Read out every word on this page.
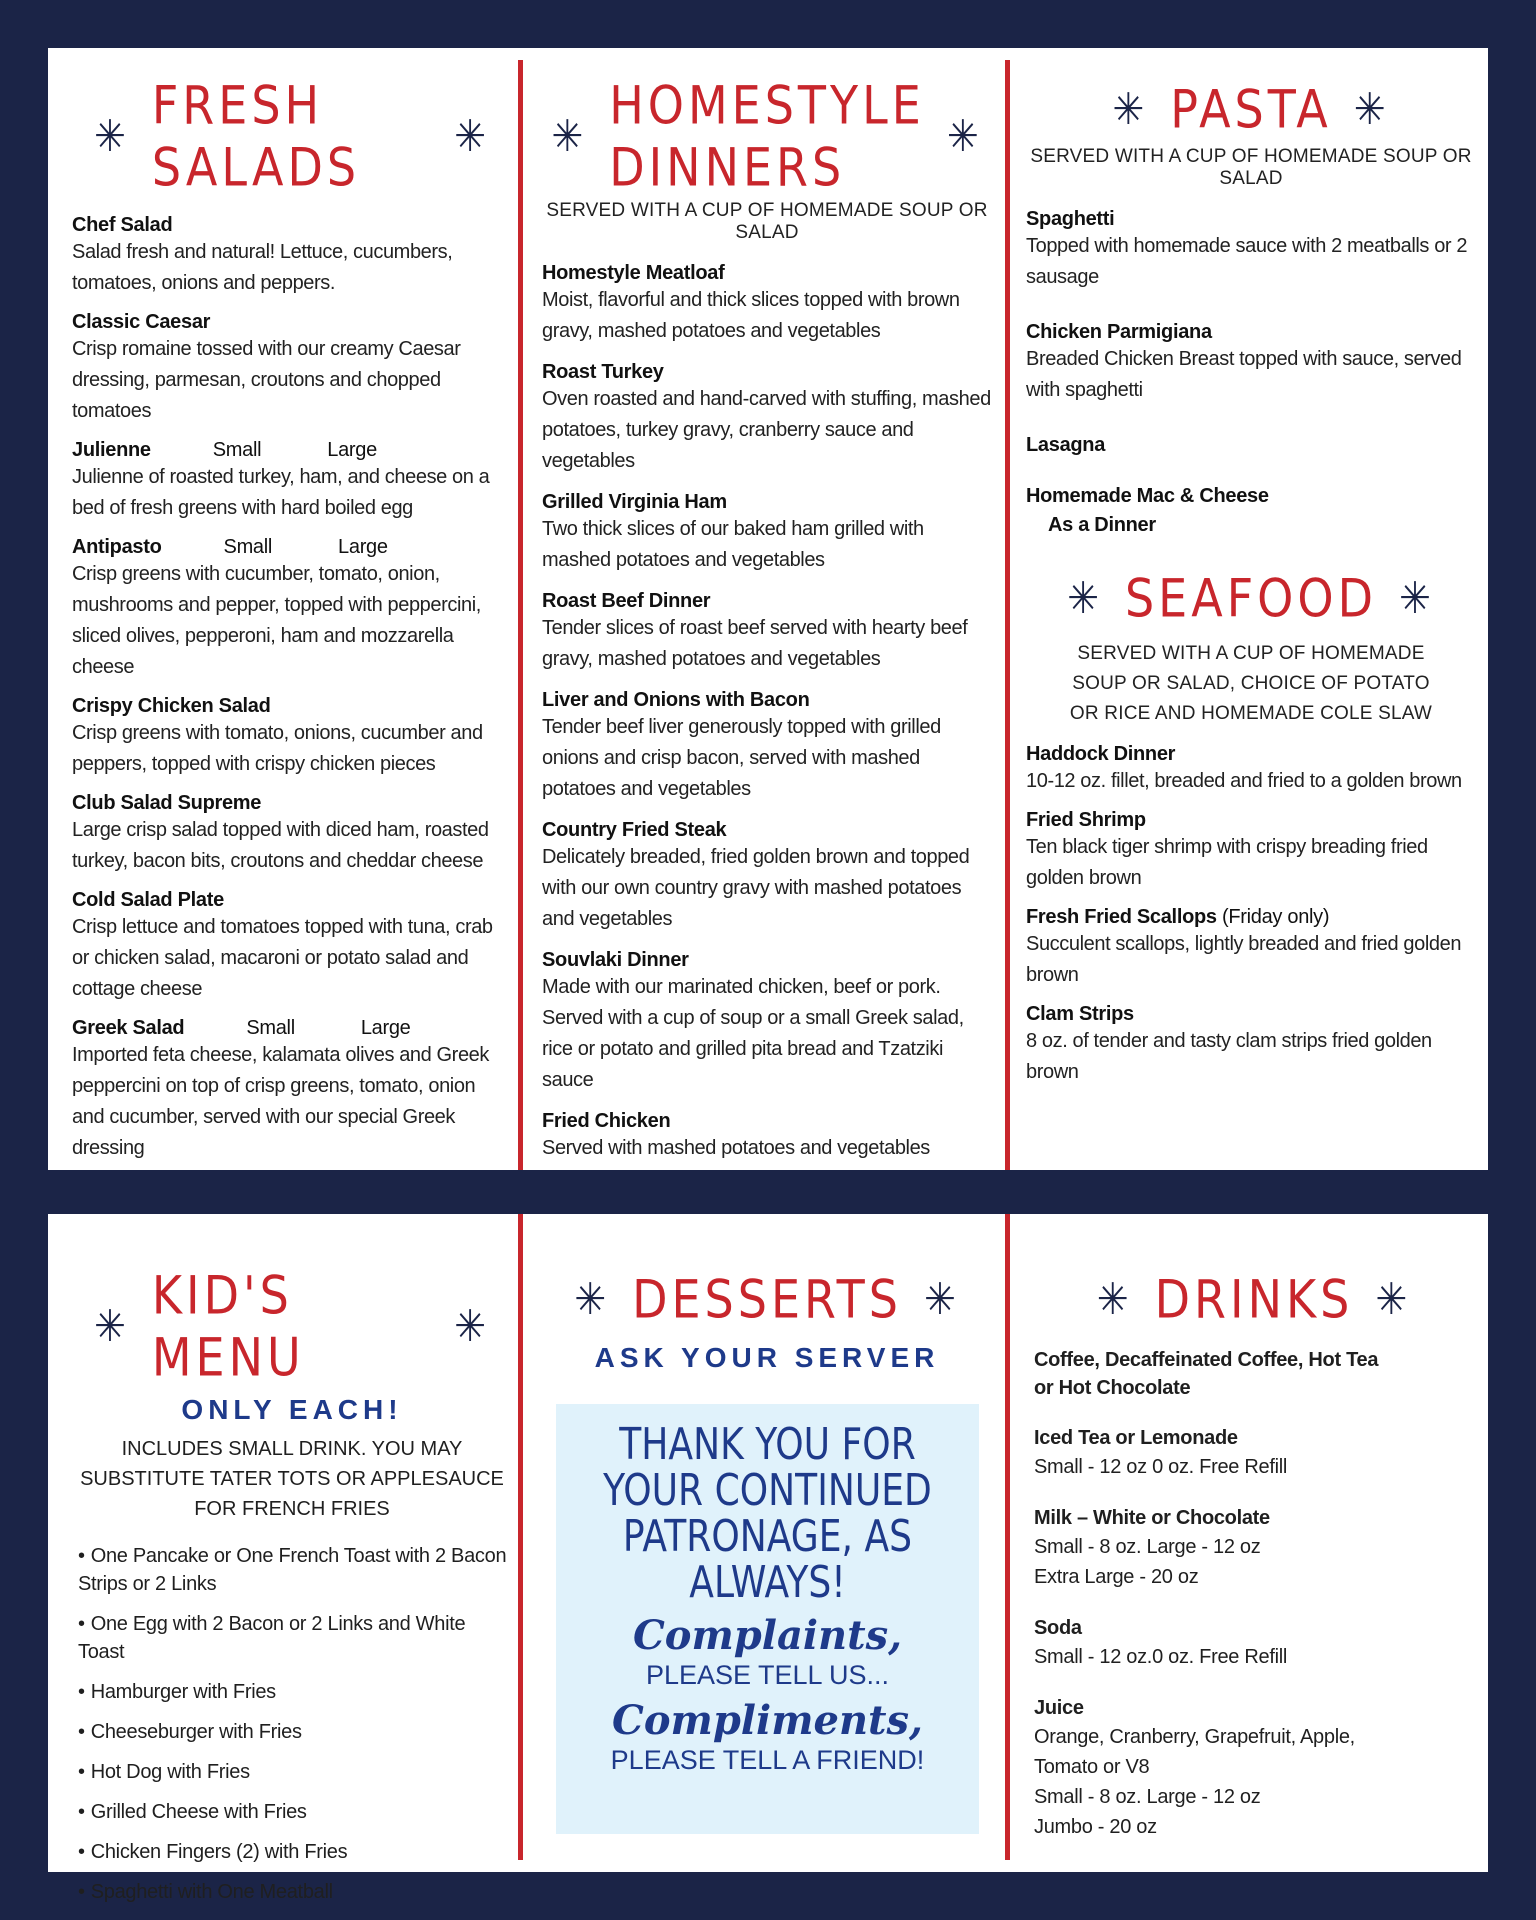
✳ FRESH SALADS	✳
Chef Salad
Salad fresh and natural! Lettuce, cucumbers, tomatoes, onions and peppers.
Classic Caesar
Crisp romaine tossed with our creamy Caesar dressing, parmesan, croutons and chopped tomatoes
Julienne	Small	Large
Julienne of roasted turkey, ham, and cheese on a bed of fresh greens with hard boiled egg
Antipasto	Small	Large
Crisp greens with cucumber, tomato, onion, mushrooms and pepper, topped with peppercini, sliced olives, pepperoni, ham and mozzarella cheese
Crispy Chicken Salad
Crisp greens with tomato, onions, cucumber and peppers, topped with crispy chicken pieces
Club Salad Supreme
Large crisp salad topped with diced ham, roasted turkey, bacon bits, croutons and cheddar cheese
Cold Salad Plate
Crisp lettuce and tomatoes topped with tuna, crab or chicken salad, macaroni or potato salad and cottage cheese
Greek Salad	Small	Large
Imported feta cheese, kalamata olives and Greek peppercini on top of crisp greens, tomato, onion and cucumber, served with our special Greek dressing
✳ HOMESTYLE DINNERS	✳
SERVED WITH A CUP OF HOMEMADE SOUP OR SALAD
Homestyle Meatloaf
Moist, flavorful and thick slices topped with brown gravy, mashed potatoes and vegetables
Roast Turkey
Oven roasted and hand-carved with stuffing, mashed potatoes, turkey gravy, cranberry sauce and vegetables
Grilled Virginia Ham
Two thick slices of our baked ham grilled with mashed potatoes and vegetables
Roast Beef Dinner
Tender slices of roast beef served with hearty beef gravy, mashed potatoes and vegetables
Liver and Onions with Bacon
Tender beef liver generously topped with grilled onions and crisp bacon, served with mashed potatoes and vegetables
Country Fried Steak
Delicately breaded, fried golden brown and topped with our own country gravy with mashed potatoes and vegetables
Souvlaki Dinner
Made with our marinated chicken, beef or pork. Served with a cup of soup or a small Greek salad, rice or potato and grilled pita bread and Tzatziki sauce
Fried Chicken
Served with mashed potatoes and vegetables
✳ PASTA ✳
SERVED WITH A CUP OF HOMEMADE SOUP OR SALAD
Spaghetti
Topped with homemade sauce with 2 meatballs or 2 sausage
Chicken Parmigiana
Breaded Chicken Breast topped with sauce, served with spaghetti
Lasagna
Homemade Mac & Cheese
As a Dinner
✳ SEAFOOD ✳
SERVED WITH A CUP OF HOMEMADE SOUP OR SALAD, CHOICE OF POTATO OR RICE AND HOMEMADE COLE SLAW
Haddock Dinner
10-12 oz. fillet, breaded and fried to a golden brown
Fried Shrimp
Ten black tiger shrimp with crispy breading fried golden brown
Fresh Fried Scallops (Friday only)
Succulent scallops, lightly breaded and fried golden brown
Clam Strips
8 oz. of tender and tasty clam strips fried golden brown
✳ KID'S MENU	✳
ONLY EACH!
INCLUDES SMALL DRINK. YOU MAY SUBSTITUTE TATER TOTS OR APPLESAUCE FOR FRENCH FRIES
• One Pancake or One French Toast with 2 Bacon Strips or 2 Links
• One Egg with 2 Bacon or 2 Links and White Toast
• Hamburger with Fries
• Cheeseburger with Fries
• Hot Dog with Fries
• Grilled Cheese with Fries
• Chicken Fingers (2) with Fries
• Spaghetti with One Meatball
✳ DESSERTS ✳
ASK YOUR SERVER
THANK YOU FOR YOUR CONTINUED PATRONAGE, AS ALWAYS!
Complaints,
PLEASE TELL US...
Compliments,
PLEASE TELL A FRIEND!
✳ DRINKS ✳
Coffee, Decaffeinated Coffee, Hot Tea or Hot Chocolate
Iced Tea or Lemonade
Small - 12 oz 0 oz. Free Refill
Milk – White or Chocolate
Small - 8 oz. Large - 12 oz
Extra Large - 20 oz
Soda
Small - 12 oz.0 oz. Free Refill
Juice
Orange, Cranberry, Grapefruit, Apple, Tomato or V8
Small - 8 oz. Large - 12 oz
Jumbo - 20 oz
